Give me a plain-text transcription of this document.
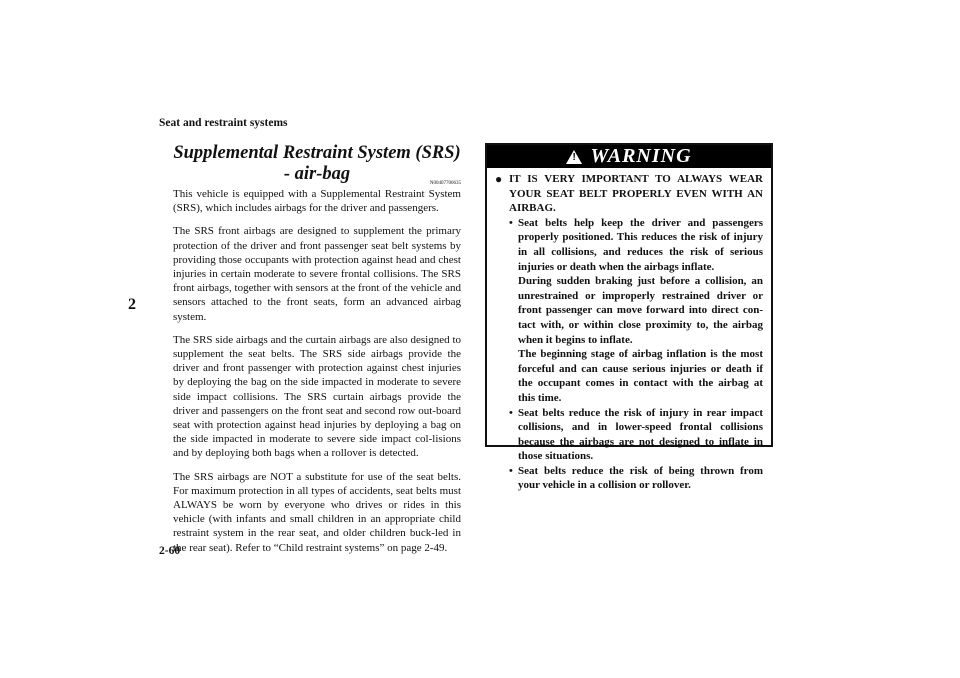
Seat and restraint systems
2
Supplemental Restraint System (SRS) - air-bag	N00407700635

This vehicle is equipped with a Supplemental Restraint System (SRS), which includes airbags for the driver and passengers.

The SRS front airbags are designed to supplement the primary protection of the driver and front passenger seat belt systems by providing those occupants with protection against head and chest injuries in certain moderate to severe frontal collisions. The SRS front airbags, together with sensors at the front of the vehicle and sensors attached to the front seats, form an advanced airbag system.

The SRS side airbags and the curtain airbags are also designed to supplement the seat belts. The SRS side airbags provide the driver and front passenger with protection against chest injuries by deploying the bag on the side impacted in moderate to severe side impact collisions. The SRS curtain airbags provide the driver and passengers on the front seat and second row out-board seat with protection against head injuries by deploying a bag on the side impacted in moderate to severe side impact col-lisions and by deploying both bags when a rollover is detected.

The SRS airbags are NOT a substitute for use of the seat belts. For maximum protection in all types of accidents, seat belts must ALWAYS be worn by everyone who drives or rides in this vehicle (with infants and small children in an appropriate child restraint system in the rear seat, and older children buck-led in the rear seat). Refer to “Child restraint systems” on page 2-49.

! WARNING
● IT IS VERY IMPORTANT TO ALWAYS WEAR YOUR SEAT BELT PROPERLY EVEN WITH AN AIRBAG.
• Seat belts help keep the driver and passengers properly positioned. This reduces the risk of injury in all collisions, and reduces the risk of serious injuries or death when the airbags inflate.

During sudden braking just before a collision, an unrestrained or improperly restrained driver or front passenger can move forward into direct con-tact with, or within close proximity to, the airbag when it begins to inflate.

The beginning stage of airbag inflation is the most forceful and can cause serious injuries or death if the occupant comes in contact with the airbag at this time.

• Seat belts reduce the risk of injury in rear impact collisions, and in lower-speed frontal collisions because the airbags are not designed to inflate in those situations.

• Seat belts reduce the risk of being thrown from your vehicle in a collision or rollover.

2-60
